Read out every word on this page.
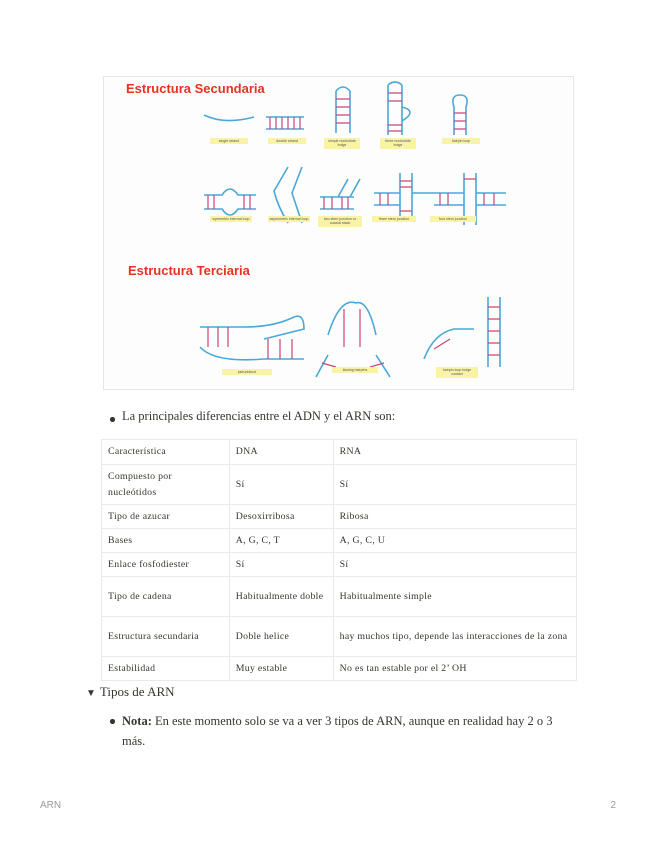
Estructura Secundaria
Estructura Terciaria
single strand	double strand	simple nucleotide bulge
three nucleotide bulge
hairpin loop
symmetric internal loop	asymmetric internal loop	two stem junction or coaxial stack
three stem junction	four stem junction
pseudoknot	kissing hairpins	hairpin loop bulge contact
La principales diferencias entre el ADN y el ARN son:
Característica	DNA	RNA
Compuesto por nucleótidos	Sí	Sí
Tipo de azucar	Desoxirribosa	Ribosa
Bases	A, G, C, T	A, G, C, U
Enlace fosfodiester	Sí	Sí
Tipo de cadena	Habitualmente doble	Habitualmente simple
Estructura secundaria	Doble helice	hay muchos tipo, depende las interacciones de la zona
Estabilidad	Muy estable	No es tan estable por el 2’ OH
▼ Tipos de ARN
Nota: En este momento solo se va a ver 3 tipos de ARN, aunque en realidad hay 2 o 3 más.
ARN	2
